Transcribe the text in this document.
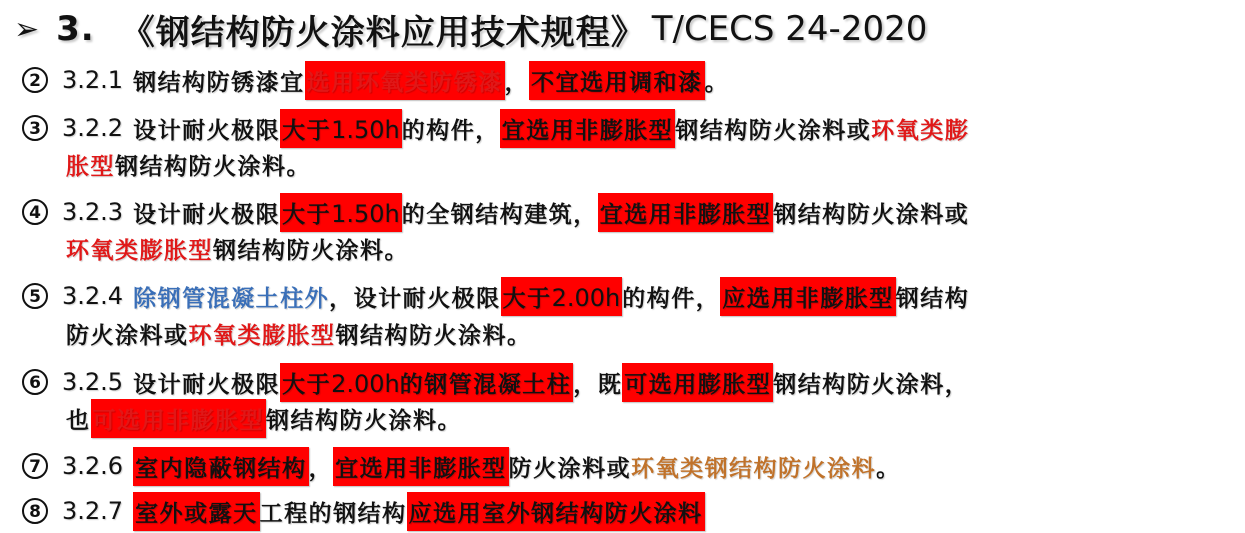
➢ 3. 《钢结构防火涂料应用技术规程》 T/CECS 24-2020
2 3.2.1 钢结构防锈漆宜 选用环氧类防锈漆 ， 不宜选用调和漆 。
3 3.2.2 设计耐火极限 大于1.50h 的构件， 宜选用非膨胀型 钢结构防火涂料或 环氧类膨
胀型 钢结构防火涂料。
4 3.2.3 设计耐火极限 大于1.50h 的全钢结构建筑， 宜选用非膨胀型 钢结构防火涂料或
环氧类膨胀型 钢结构防火涂料。
5 3.2.4 除钢管混凝土柱外 ，设计耐火极限 大于2.00h 的构件， 应选用非膨胀型 钢结构
防火涂料或 环氧类膨胀型 钢结构防火涂料。
6 3.2.5 设计耐火极限 大于2.00h的钢管混凝土柱 ，既 可选用膨胀型 钢结构防火涂料，
也 可选用非膨胀型 钢结构防火涂料。
7 3.2.6 室内隐蔽钢结构 ， 宜选用非膨胀型 防火涂料或 环氧类钢结构防火涂料 。
8 3.2.7 室外或露天 工程的钢结构 应选用室外钢结构防火涂料
